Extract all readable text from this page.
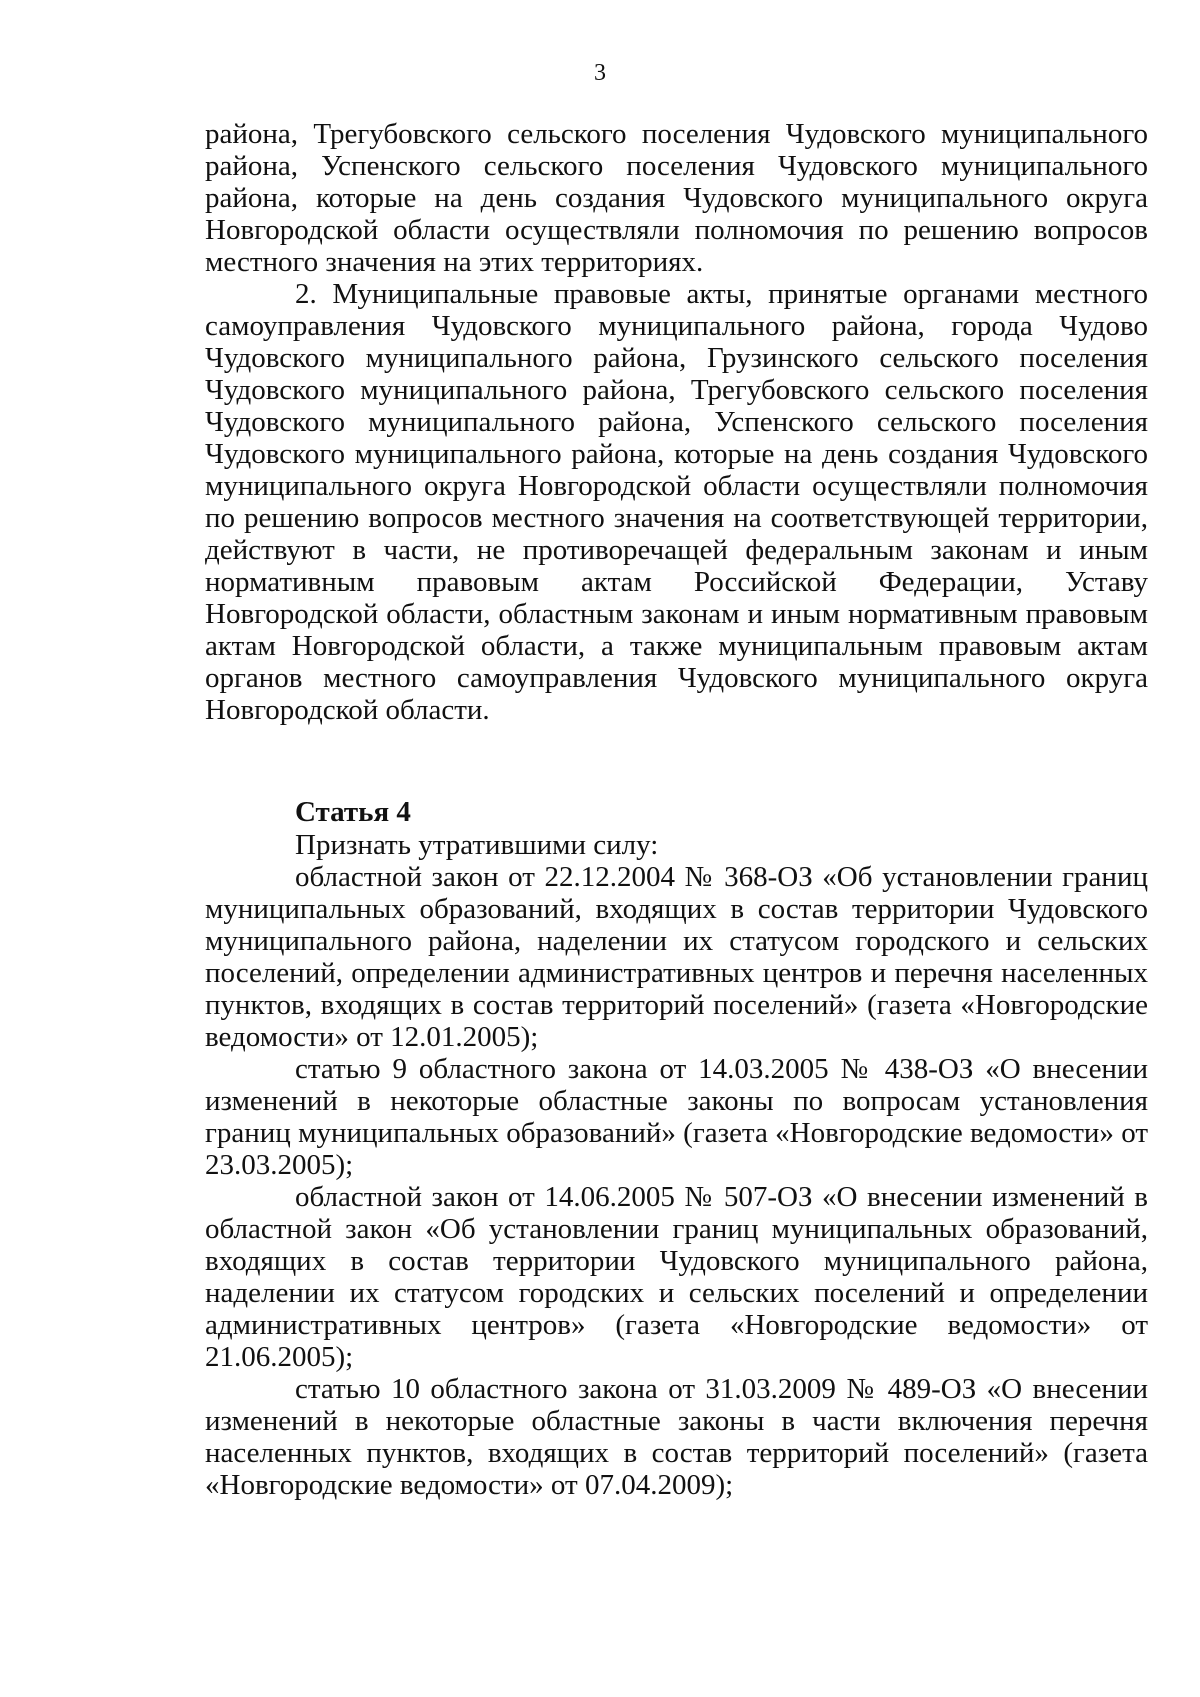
3

района, Трегубовского сельского поселения Чудовского муниципального района, Успенского сельского поселения Чудовского муниципального района, которые на день создания Чудовского муниципального округа Новгородской области осуществляли полномочия по решению вопросов местного значения на этих территориях.

2. Муниципальные правовые акты, принятые органами местного самоуправления Чудовского муниципального района, города Чудово Чудовского муниципального района, Грузинского сельского поселения Чудовского муниципального района, Трегубовского сельского поселения Чудовского муниципального района, Успенского сельского поселения Чудовского муниципального района, которые на день создания Чудовского муниципального округа Новгородской области осуществляли полномочия по решению вопросов местного значения на соответствующей территории, действуют в части, не противоречащей федеральным законам и иным нормативным правовым актам Российской Федерации, Уставу Новгородской области, областным законам и иным нормативным правовым актам Новгородской области, а также муниципальным правовым актам органов местного самоуправления Чудовского муниципального округа Новгородской области.

Статья 4

Признать утратившими силу:

областной закон от 22.12.2004 № 368-ОЗ «Об установлении границ муниципальных образований, входящих в состав территории Чудовского муниципального района, наделении их статусом городского и сельских поселений, определении административных центров и перечня населенных пунктов, входящих в состав территорий поселений» (газета «Новгородские ведомости» от 12.01.2005);

статью 9 областного закона от 14.03.2005 № 438-ОЗ «О внесении изменений в некоторые областные законы по вопросам установления границ муниципальных образований» (газета «Новгородские ведомости» от 23.03.2005);

областной закон от 14.06.2005 № 507-ОЗ «О внесении изменений в областной закон «Об установлении границ муниципальных образований, входящих в состав территории Чудовского муниципального района, наделении их статусом городских и сельских поселений и определении административных центров» (газета «Новгородские ведомости» от 21.06.2005);

статью 10 областного закона от 31.03.2009 № 489-ОЗ «О внесении изменений в некоторые областные законы в части включения перечня населенных пунктов, входящих в состав территорий поселений» (газета «Новгородские ведомости» от 07.04.2009);
